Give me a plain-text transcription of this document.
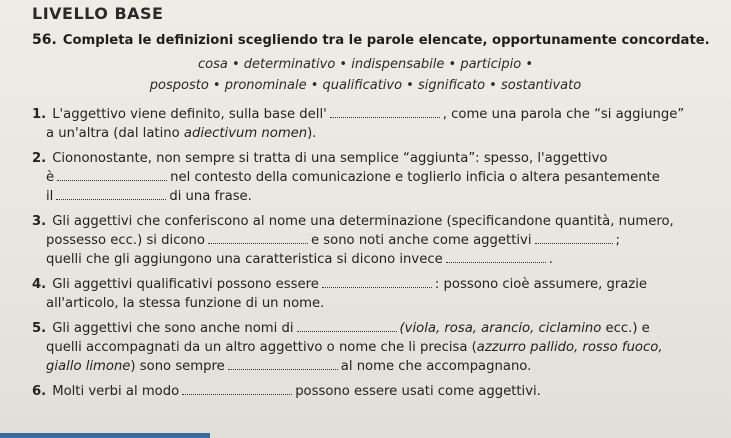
LIVELLO BASE
56. Completa le definizioni scegliendo tra le parole elencate, opportunamente concordate.
cosa • determinativo • indispensabile • participio •
posposto • pronominale • qualificativo • significato • sostantivato
1. L'aggettivo viene definito, sulla base dell'	, come una parola che “si aggiunge”
a un'altra (dal latino adiectivum nomen).
2. Ciononostante, non sempre si tratta di una semplice “aggiunta”: spesso, l'aggettivo
è	nel contesto della comunicazione e toglierlo inficia o altera pesantemente
il	di una frase.
3. Gli aggettivi che conferiscono al nome una determinazione (specificandone quantità, numero,
possesso ecc.) si dicono	e sono noti anche come aggettivi	;
quelli che gli aggiungono una caratteristica si dicono invece	.
4. Gli aggettivi qualificativi possono essere	: possono cioè assumere, grazie
all'articolo, la stessa funzione di un nome.
5. Gli aggettivi che sono anche nomi di	(viola, rosa, arancio, ciclamino ecc.) e
quelli accompagnati da un altro aggettivo o nome che li precisa (azzurro pallido, rosso fuoco,
giallo limone) sono sempre	al nome che accompagnano.
6. Molti verbi al modo	possono essere usati come aggettivi.
